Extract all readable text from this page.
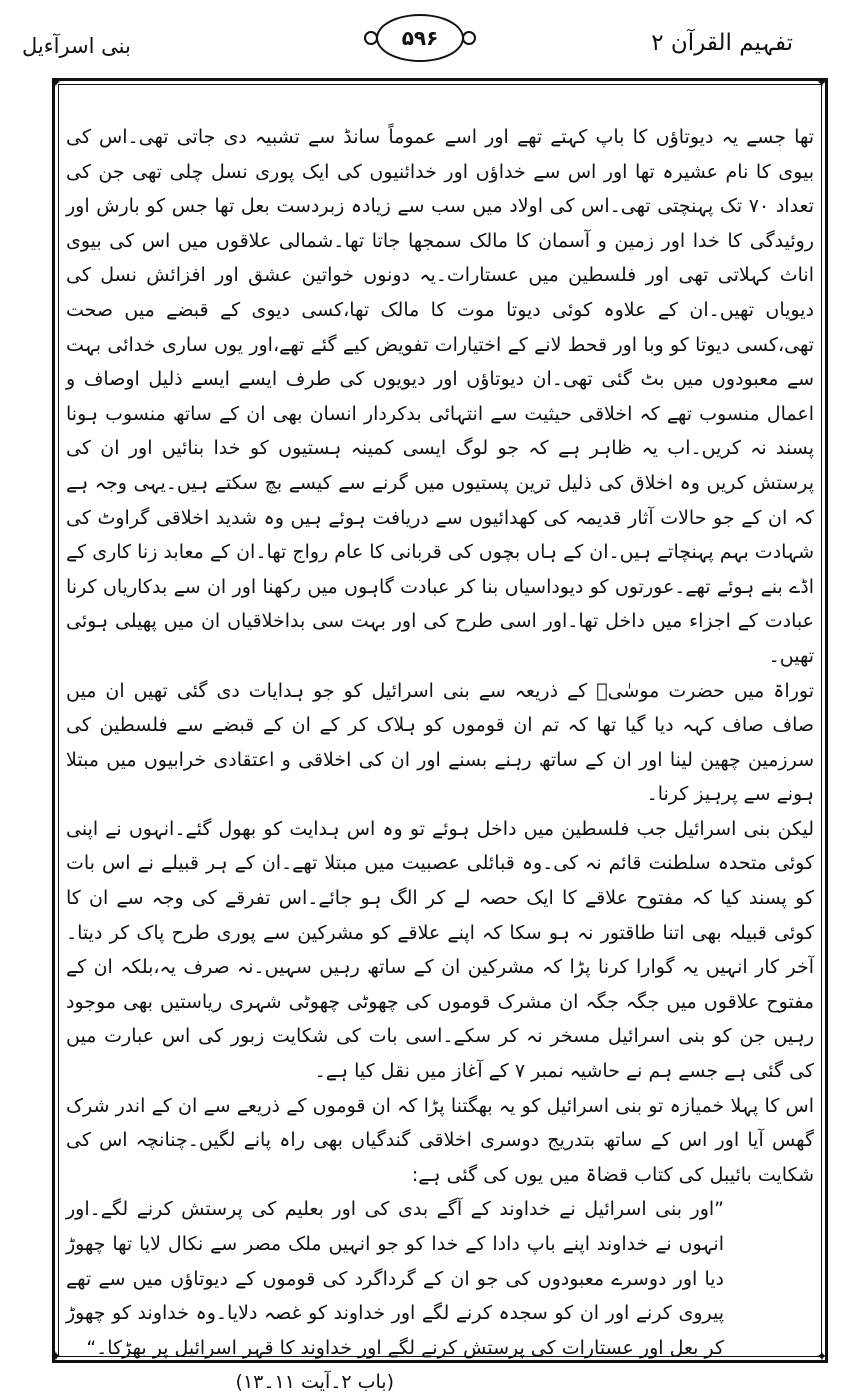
بنی اسرآءیل	۵۹۶	تفہیم القرآن ۲
✦	✦
✦	✦

تھا جسے یہ دیوتاؤں کا باپ کہتے تھے اور اسے عموماً سانڈ سے تشبیہ دی جاتی تھی۔اس کی بیوی کا نام عشیرہ تھا اور اس سے خداؤں اور خدائنیوں کی ایک پوری نسل چلی تھی جن کی تعداد ۷۰ تک پہنچتی تھی۔اس کی اولاد میں سب سے زیادہ زبردست بعل تھا جس کو بارش اور روئیدگی کا خدا اور زمین و آسمان کا مالک سمجھا جاتا تھا۔شمالی علاقوں میں اس کی بیوی اناث کہلاتی تھی اور فلسطین میں عستارات۔یہ دونوں خواتین عشق اور افزائش نسل کی دیویاں تھیں۔ان کے علاوہ کوئی دیوتا موت کا مالک تھا،کسی دیوی کے قبضے میں صحت تھی،کسی دیوتا کو وبا اور قحط لانے کے اختیارات تفویض کیے گئے تھے،اور یوں ساری خدائی بہت سے معبودوں میں بٹ گئی تھی۔ان دیوتاؤں اور دیویوں کی طرف ایسے ایسے ذلیل اوصاف و اعمال منسوب تھے کہ اخلاقی حیثیت سے انتہائی بدکردار انسان بھی ان کے ساتھ منسوب ہونا پسند نہ کریں۔اب یہ ظاہر ہے کہ جو لوگ ایسی کمینہ ہستیوں کو خدا بنائیں اور ان کی پرستش کریں وہ اخلاق کی ذلیل ترین پستیوں میں گرنے سے کیسے بچ سکتے ہیں۔یہی وجہ ہے کہ ان کے جو حالات آثار قدیمہ کی کھدائیوں سے دریافت ہوئے ہیں وہ شدید اخلاقی گراوٹ کی شہادت بہم پہنچاتے ہیں۔ان کے ہاں بچوں کی قربانی کا عام رواج تھا۔ان کے معابد زنا کاری کے اڈے بنے ہوئے تھے۔عورتوں کو دیوداسیاں بنا کر عبادت گاہوں میں رکھنا اور ان سے بدکاریاں کرنا عبادت کے اجزاء میں داخل تھا۔اور اسی طرح کی اور بہت سی بداخلاقیاں ان میں پھیلی ہوئی تھیں۔

توراۃ میں حضرت موسٰیؑ کے ذریعہ سے بنی اسرائیل کو جو ہدایات دی گئی تھیں ان میں صاف صاف کہہ دیا گیا تھا کہ تم ان قوموں کو ہلاک کر کے ان کے قبضے سے فلسطین کی سرزمین چھین لینا اور ان کے ساتھ رہنے بسنے اور ان کی اخلاقی و اعتقادی خرابیوں میں مبتلا ہونے سے پرہیز کرنا۔

لیکن بنی اسرائیل جب فلسطین میں داخل ہوئے تو وہ اس ہدایت کو بھول گئے۔انہوں نے اپنی کوئی متحدہ سلطنت قائم نہ کی۔وہ قبائلی عصبیت میں مبتلا تھے۔ان کے ہر قبیلے نے اس بات کو پسند کیا کہ مفتوح علاقے کا ایک حصہ لے کر الگ ہو جائے۔اس تفرقے کی وجہ سے ان کا کوئی قبیلہ بھی اتنا طاقتور نہ ہو سکا کہ اپنے علاقے کو مشرکین سے پوری طرح پاک کر دیتا۔آخر کار انہیں یہ گوارا کرنا پڑا کہ مشرکین ان کے ساتھ رہیں سہیں۔نہ صرف یہ،بلکہ ان کے مفتوح علاقوں میں جگہ جگہ ان مشرک قوموں کی چھوٹی چھوٹی شہری ریاستیں بھی موجود رہیں جن کو بنی اسرائیل مسخر نہ کر سکے۔اسی بات کی شکایت زبور کی اس عبارت میں کی گئی ہے جسے ہم نے حاشیہ نمبر ۷ کے آغاز میں نقل کیا ہے۔

اس کا پہلا خمیازہ تو بنی اسرائیل کو یہ بھگتنا پڑا کہ ان قوموں کے ذریعے سے ان کے اندر شرک گھس آیا اور اس کے ساتھ بتدریج دوسری اخلاقی گندگیاں بھی راہ پانے لگیں۔چنانچہ اس کی شکایت بائیبل کی کتاب قضاۃ میں یوں کی گئی ہے:

”اور بنی اسرائیل نے خداوند کے آگے بدی کی اور بعلیم کی پرستش کرنے لگے۔اور انہوں نے خداوند اپنے باپ دادا کے خدا کو جو انہیں ملک مصر سے نکال لایا تھا چھوڑ دیا اور دوسرے معبودوں کی جو ان کے گرداگرد کی قوموں کے دیوتاؤں میں سے تھے پیروی کرنے اور ان کو سجدہ کرنے لگے اور خداوند کو غصہ دلایا۔وہ خداوند کو چھوڑ کر بعل اور عستارات کی پرستش کرنے لگے اور خداوند کا قہر اسرائیل پر بھڑکا۔“

(باب ۲۔آیت ۱۱۔۱۳)
